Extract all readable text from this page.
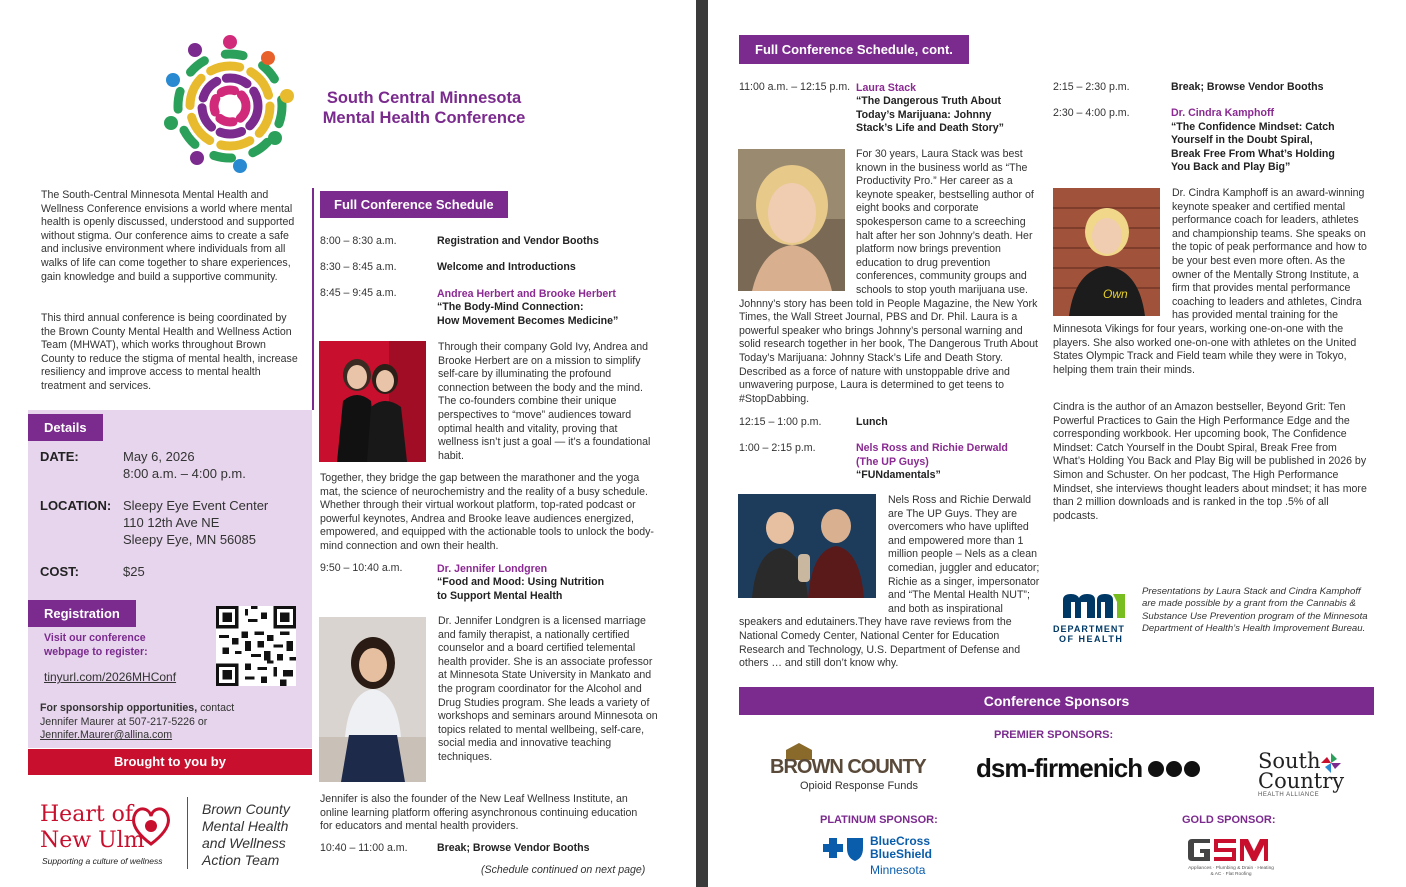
South Central Minnesota
Mental Health Conference
The South-Central Minnesota Mental Health and Wellness Conference envisions a world where mental health is openly discussed, understood and supported without stigma. Our conference aims to create a safe and inclusive environment where individuals from all walks of life can come together to share experiences, gain knowledge and build a supportive community.
This third annual conference is being coordinated by the Brown County Mental Health and Wellness Action Team (MHWAT), which works throughout Brown County to reduce the stigma of mental health, increase resiliency and improve access to mental health treatment and services.
Details
DATE:	May 6, 2026
8:00 a.m. – 4:00 p.m.
LOCATION: Sleepy Eye Event Center
110 12th Ave NE
Sleepy Eye, MN 56085
COST:	$25
Registration
Visit our conference
webpage to register:
tinyurl.com/2026MHConf
For sponsorship opportunities, contact
Jennifer Maurer at 507-217-5226 or
Jennifer.Maurer@allina.com
Brought to you by
Heart of
New Ulm
Supporting a culture of wellness
Brown County
Mental Health
and Wellness
Action Team
Full Conference Schedule
8:00 – 8:30 a.m.	Registration and Vendor Booths
8:30 – 8:45 a.m.	Welcome and Introductions
8:45 – 9:45 a.m.	Andrea Herbert and Brooke Herbert
“The Body-Mind Connection:
How Movement Becomes Medicine”
Through their company Gold Ivy, Andrea and Brooke Herbert are on a mission to simplify self-care by illuminating the profound connection between the body and the mind. The co-founders combine their unique perspectives to “move” audiences toward optimal health and vitality, proving that wellness isn’t just a goal — it’s a foundational habit.
Together, they bridge the gap between the marathoner and the yoga mat, the science of neurochemistry and the reality of a busy schedule. Whether through their virtual workout platform, top-rated podcast or powerful keynotes, Andrea and Brooke leave audiences energized, empowered, and equipped with the actionable tools to unlock the body-mind connection and own their health.
9:50 – 10:40 a.m.	Dr. Jennifer Londgren
“Food and Mood: Using Nutrition
to Support Mental Health
Dr. Jennifer Londgren is a licensed marriage and family therapist, a nationally certified counselor and a board certified telemental health provider. She is an associate professor at Minnesota State University in Mankato and the program coordinator for the Alcohol and Drug Studies program. She leads a variety of workshops and seminars around Minnesota on topics related to mental wellbeing, self-care, social media and innovative teaching techniques.
Jennifer is also the founder of the New Leaf Wellness Institute, an online learning platform offering asynchronous continuing education for educators and mental health providers.
10:40 – 11:00 a.m.	Break; Browse Vendor Booths
(Schedule continued on next page)
Full Conference Schedule, cont.
11:00 a.m. – 12:15 p.m. Laura Stack
“The Dangerous Truth About
Today’s Marijuana: Johnny
Stack’s Life and Death Story”
For 30 years, Laura Stack was best known in the business world as “The Productivity Pro.” Her career as a keynote speaker, bestselling author of eight books and corporate spokesperson came to a screeching halt after her son Johnny’s death. Her platform now brings prevention education to drug prevention conferences, community groups and schools to stop youth marijuana use. Johnny’s story has been told in People Magazine, the New York Times, the Wall Street Journal, PBS and Dr. Phil. Laura is a powerful speaker who brings Johnny’s personal warning and solid research together in her book, The Dangerous Truth About Today’s Marijuana: Johnny Stack’s Life and Death Story. Described as a force of nature with unstoppable drive and unwavering purpose, Laura is determined to get teens to #StopDabbing.
12:15 – 1:00 p.m.	Lunch
1:00 – 2:15 p.m.	Nels Ross and Richie Derwald
(The UP Guys)
“FUNdamentals”
Nels Ross and Richie Derwald are The UP Guys. They are overcomers who have uplifted and empowered more than 1 million people – Nels as a clean comedian, juggler and educator; Richie as a singer, impersonator and “The Mental Health NUT”; and both as inspirational speakers and edutainers.They have rave reviews from the National Comedy Center, National Center for Education Research and Technology, U.S. Department of Defense and others … and still don’t know why.
2:15 – 2:30 p.m.	Break; Browse Vendor Booths
2:30 – 4:00 p.m.	Dr. Cindra Kamphoff
“The Confidence Mindset: Catch
Yourself in the Doubt Spiral,
Break Free From What’s Holding
You Back and Play Big”
Own
Dr. Cindra Kamphoff is an award-winning keynote speaker and certified mental performance coach for leaders, athletes and championship teams. She speaks on the topic of peak performance and how to be your best even more often. As the owner of the Mentally Strong Institute, a firm that provides mental performance coaching to leaders and athletes, Cindra has provided mental training for the Minnesota Vikings for four years, working one-on-one with the players. She also worked one-on-one with athletes on the United States Olympic Track and Field team while they were in Tokyo, helping them train their minds.
Cindra is the author of an Amazon bestseller, Beyond Grit: Ten Powerful Practices to Gain the High Performance Edge and the corresponding workbook. Her upcoming book, The Confidence Mindset: Catch Yourself in the Doubt Spiral, Break Free from What’s Holding You Back and Play Big will be published in 2026 by Simon and Schuster. On her podcast, The High Performance Mindset, she interviews thought leaders about mindset; it has more than 2 million downloads and is ranked in the top .5% of all podcasts.
DEPARTMENT
OF HEALTH
Presentations by Laura Stack and Cindra Kamphoff are made possible by a grant from the Cannabis & Substance Use Prevention program of the Minnesota Department of Health’s Health Improvement Bureau.
Conference Sponsors
PREMIER SPONSORS:
BROWN COUNTY
Opioid Response Funds
dsm-firmenich	South
Country
HEALTH ALLIANCE
PLATINUM SPONSOR:
BlueCross
BlueShield
Minnesota
GOLD SPONSOR:
Appliances · Plumbing & Drain · Heating & AC · Flat Roofing
